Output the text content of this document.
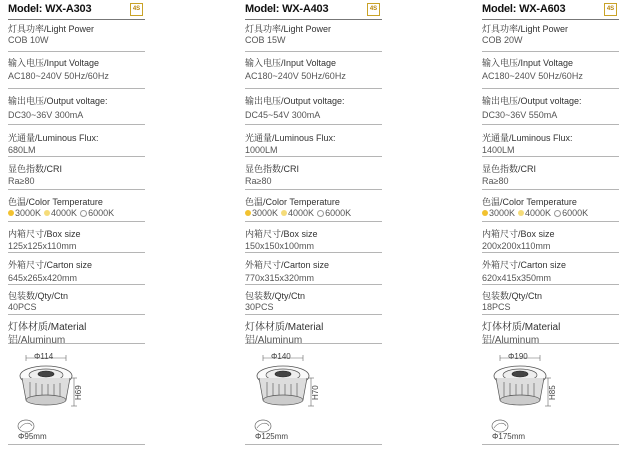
Model: WX-A303	4S
灯具功率/Light Power
COB 10W
输入电压/Input Voltage
AC180~240V 50Hz/60Hz
输出电压/Output voltage:
DC30~36V 300mA
光通量/Luminous Flux:
680LM
显色指数/CRI
Ra≥80
色温/Color Temperature
3000K 4000K 6000K
内箱尺寸/Box size
125x125x110mm
外箱尺寸/Carton size
645x265x420mm
包装数/Qty/Ctn
40PCS
灯体材质/Material
铝/Aluminum
Φ114
H69
Φ95mm
Model: WX-A403	4S
灯具功率/Light Power
COB 15W
输入电压/Input Voltage
AC180~240V 50Hz/60Hz
输出电压/Output voltage:
DC45~54V 300mA
光通量/Luminous Flux:
1000LM
显色指数/CRI
Ra≥80
色温/Color Temperature
3000K 4000K 6000K
内箱尺寸/Box size
150x150x100mm
外箱尺寸/Carton size
770x315x320mm
包装数/Qty/Ctn
30PCS
灯体材质/Material
铝/Aluminum
Φ140
H70
Φ125mm
Model: WX-A603	4S
灯具功率/Light Power
COB 20W
输入电压/Input Voltage
AC180~240V 50Hz/60Hz
输出电压/Output voltage:
DC30~36V 550mA
光通量/Luminous Flux:
1400LM
显色指数/CRI
Ra≥80
色温/Color Temperature
3000K 4000K 6000K
内箱尺寸/Box size
200x200x110mm
外箱尺寸/Carton size
620x415x350mm
包装数/Qty/Ctn
18PCS
灯体材质/Material
铝/Aluminum
Φ190
H85
Φ175mm
